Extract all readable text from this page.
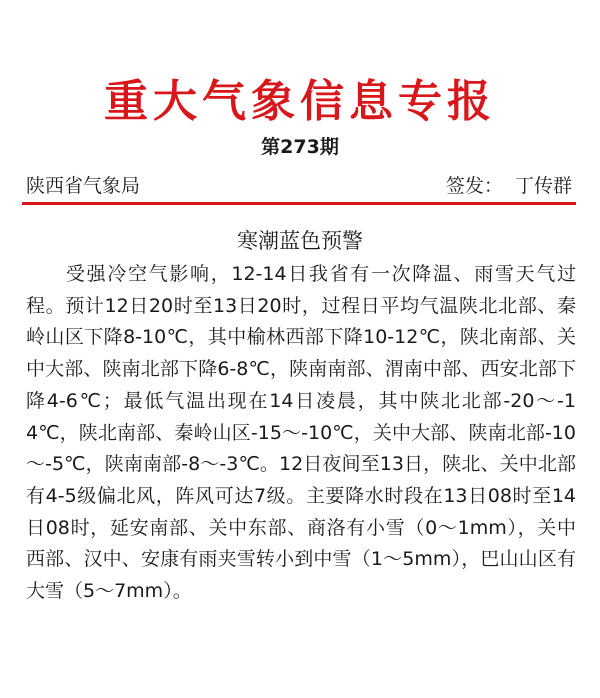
重大气象信息专报
第273期
陕西省气象局	签发：  丁传群
寒潮蓝色预警

受强冷空气影响，12-14日我省有一次降温、雨雪天气过程。预计12日20时至13日20时，过程日平均气温陕北北部、秦岭山区下降8-10℃，其中榆林西部下降10-12℃，陕北南部、关中大部、陕南北部下降6-8℃，陕南南部、渭南中部、西安北部下降4-6℃；最低气温出现在14日凌晨，其中陕北北部-20～-14℃，陕北南部、秦岭山区-15～-10℃，关中大部、陕南北部-10～-5℃，陕南南部-8～-3℃。12日夜间至13日，陕北、关中北部有4-5级偏北风，阵风可达7级。主要降水时段在13日08时至14日08时，延安南部、关中东部、商洛有小雪（0～1mm），关中西部、汉中、安康有雨夹雪转小到中雪（1～5mm），巴山山区有大雪（5～7mm）。
